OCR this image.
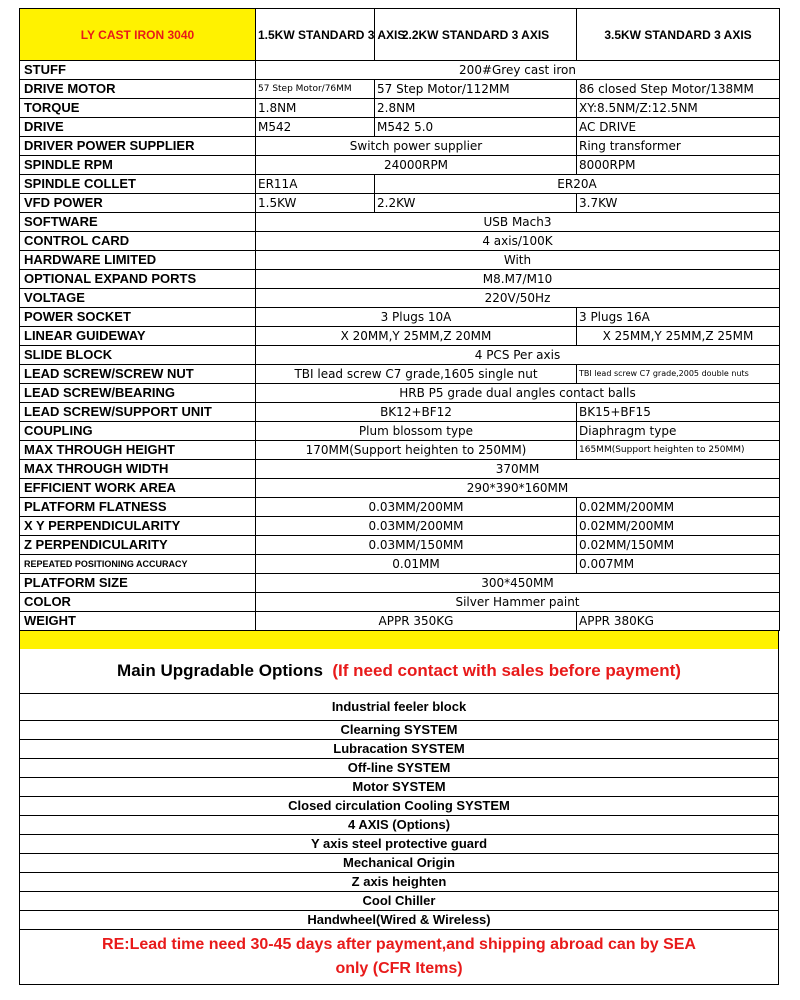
LY CAST IRON 3040	1.5KW STANDARD 3 AXIS	2.2KW STANDARD 3 AXIS	3.5KW STANDARD 3 AXIS
STUFF	200#Grey cast iron		
DRIVE MOTOR	57 Step Motor/76MM	57 Step Motor/112MM	86 closed Step Motor/138MM
TORQUE	1.8NM	2.8NM	XY:8.5NM/Z:12.5NM
DRIVE	M542	M542 5.0	AC DRIVE
DRIVER POWER SUPPLIER	Switch power supplier		Ring transformer
SPINDLE RPM	24000RPM		8000RPM
SPINDLE COLLET	ER11A	ER20A	
VFD POWER	1.5KW	2.2KW	3.7KW
SOFTWARE	USB Mach3		
CONTROL CARD	4 axis/100K		
HARDWARE LIMITED	With		
OPTIONAL EXPAND PORTS	M8.M7/M10		
VOLTAGE	220V/50Hz		
POWER SOCKET	3 Plugs 10A		3 Plugs 16A
LINEAR GUIDEWAY	X 20MM,Y 25MM,Z 20MM		X 25MM,Y 25MM,Z 25MM
SLIDE BLOCK	4 PCS Per axis		
LEAD SCREW/SCREW NUT	TBI lead screw C7 grade,1605 single nut		TBI lead screw C7 grade,2005 double nuts
LEAD SCREW/BEARING	HRB P5 grade dual angles contact balls		
LEAD SCREW/SUPPORT UNIT	BK12+BF12		BK15+BF15
COUPLING	Plum blossom type		Diaphragm type
MAX THROUGH HEIGHT	170MM(Support heighten to 250MM)		165MM(Support heighten to 250MM)
MAX THROUGH WIDTH	370MM		
EFFICIENT WORK AREA	290*390*160MM		
PLATFORM FLATNESS	0.03MM/200MM		0.02MM/200MM
X Y PERPENDICULARITY	0.03MM/200MM		0.02MM/200MM
Z PERPENDICULARITY	0.03MM/150MM		0.02MM/150MM
REPEATED POSITIONING ACCURACY	0.01MM		0.007MM
PLATFORM SIZE	300*450MM		
COLOR	Silver Hammer paint		
WEIGHT	APPR 350KG		APPR 380KG
Main Upgradable Options (If need contact with sales before payment)
Industrial feeler block
Clearning SYSTEM
Lubracation SYSTEM
Off-line SYSTEM
Motor SYSTEM
Closed circulation Cooling SYSTEM
4 AXIS (Options)
Y axis steel protective guard
Mechanical Origin
Z axis heighten
Cool Chiller
Handwheel(Wired & Wireless)
RE:Lead time need 30-45 days after payment,and shipping abroad can by SEA
only (CFR Items)
